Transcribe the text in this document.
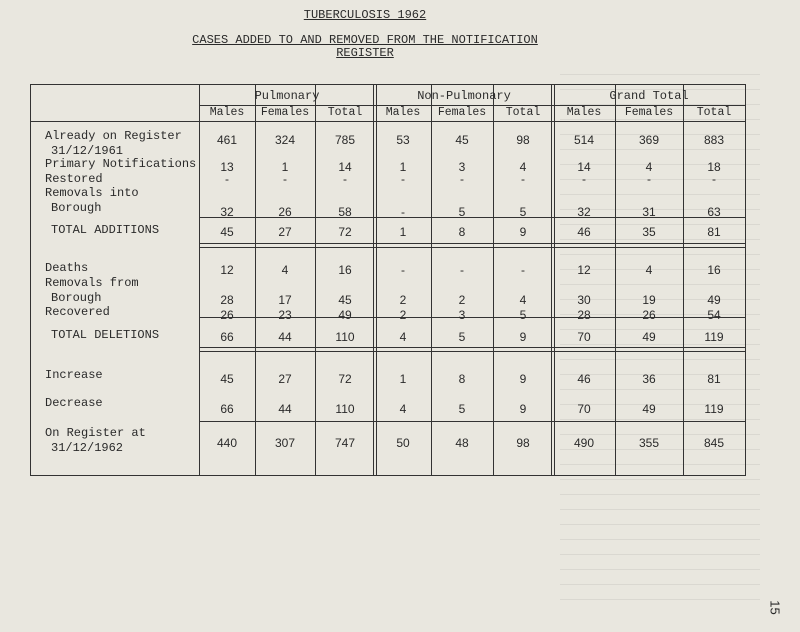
TUBERCULOSIS 1962
CASES ADDED TO AND REMOVED FROM THE NOTIFICATION
REGISTER
15
Pulmonary	Non-Pulmonary	Grand Total
Males	Females	Total	Males	Females	Total	Males	Females	Total
Already on Register
31/12/1961
461	324	785	53	45	98	514	369	883
Primary Notifications	13	1	14	1	3	4	14	4	18
Restored	-	-	-	-	-	-	-	-	-
Removals into
Borough	32	26	58	-	5	5	32	31	63
TOTAL ADDITIONS	45	27	72	1	8	9	46	35	81
Deaths	12	4	16	-	-	-	12	4	16
Removals from
Borough	28	17	45	2	2	4	30	19	49
Recovered	26	23	49	2	3	5	28	26	54
TOTAL DELETIONS	66	44	110	4	5	9	70	49	119
Increase	45	27	72	1	8	9	46	36	81
Decrease	66	44	110	4	5	9	70	49	119
On Register at
31/12/1962	440	307	747	50	48	98	490	355	845
